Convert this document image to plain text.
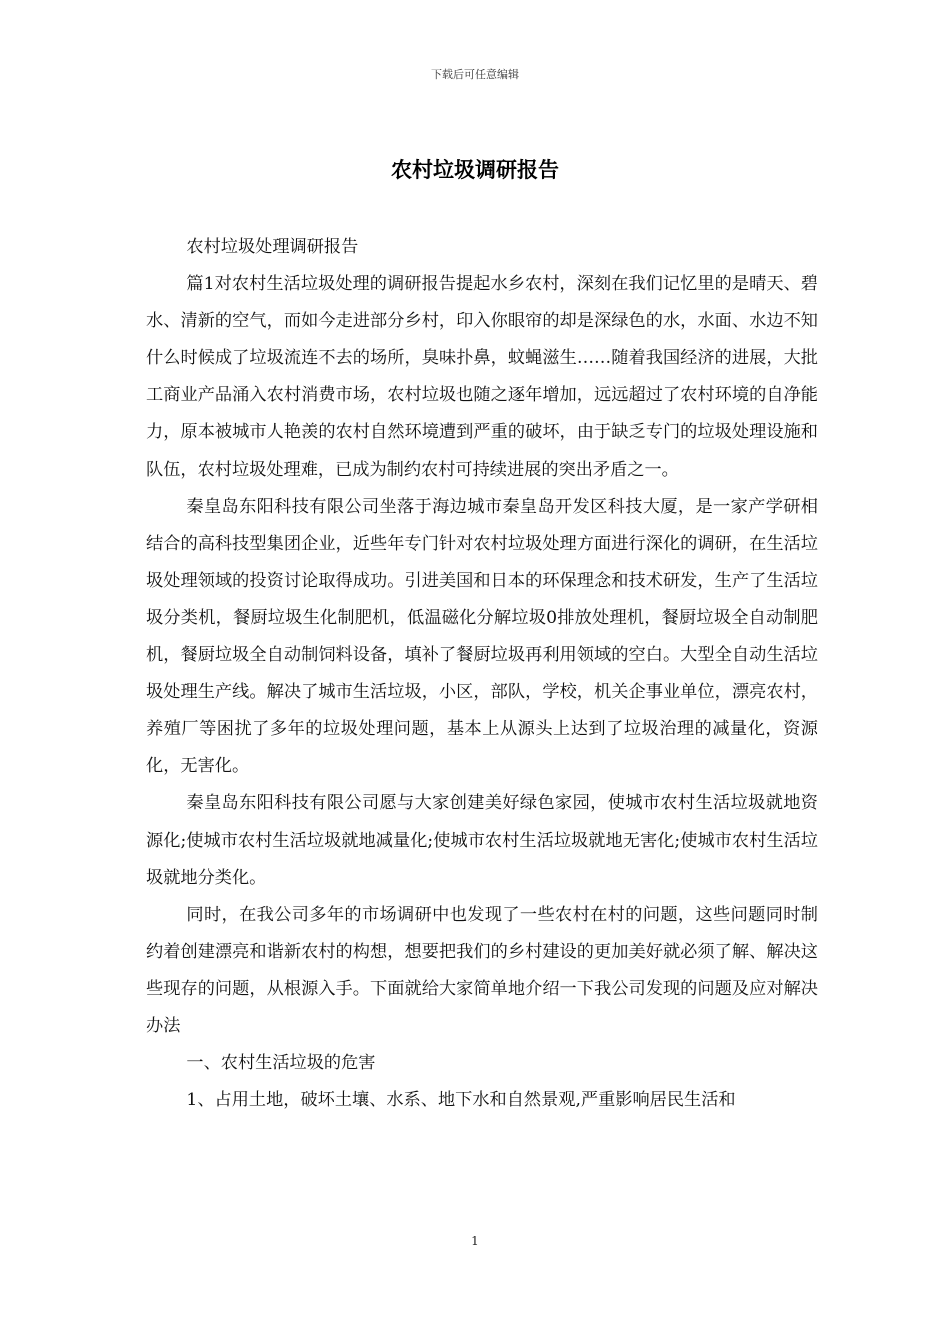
下载后可任意编辑
农村垃圾调研报告

农村垃圾处理调研报告

篇1对农村生活垃圾处理的调研报告提起水乡农村，深刻在我们记忆里的是晴天、碧水、清新的空气，而如今走进部分乡村，印入你眼帘的却是深绿色的水，水面、水边不知什么时候成了垃圾流连不去的场所，臭味扑鼻，蚊蝇滋生……随着我国经济的进展，大批工商业产品涌入农村消费市场，农村垃圾也随之逐年增加，远远超过了农村环境的自净能力，原本被城市人艳羡的农村自然环境遭到严重的破坏，由于缺乏专门的垃圾处理设施和队伍，农村垃圾处理难，已成为制约农村可持续进展的突出矛盾之一。

秦皇岛东阳科技有限公司坐落于海边城市秦皇岛开发区科技大厦，是一家产学研相结合的高科技型集团企业，近些年专门针对农村垃圾处理方面进行深化的调研，在生活垃圾处理领域的投资讨论取得成功。引进美国和日本的环保理念和技术研发，生产了生活垃圾分类机，餐厨垃圾生化制肥机，低温磁化分解垃圾0排放处理机，餐厨垃圾全自动制肥机，餐厨垃圾全自动制饲料设备，填补了餐厨垃圾再利用领域的空白。大型全自动生活垃圾处理生产线。解决了城市生活垃圾，小区，部队，学校，机关企事业单位，漂亮农村，养殖厂等困扰了多年的垃圾处理问题，基本上从源头上达到了垃圾治理的减量化，资源化，无害化。

秦皇岛东阳科技有限公司愿与大家创建美好绿色家园，使城市农村生活垃圾就地资源化;使城市农村生活垃圾就地减量化;使城市农村生活垃圾就地无害化;使城市农村生活垃圾就地分类化。

同时，在我公司多年的市场调研中也发现了一些农村在村的问题，这些问题同时制约着创建漂亮和谐新农村的构想，想要把我们的乡村建设的更加美好就必须了解、解决这些现存的问题，从根源入手。下面就给大家简单地介绍一下我公司发现的问题及应对解决办法

一、农村生活垃圾的危害

1、占用土地，破坏土壤、水系、地下水和自然景观,严重影响居民生活和

1
